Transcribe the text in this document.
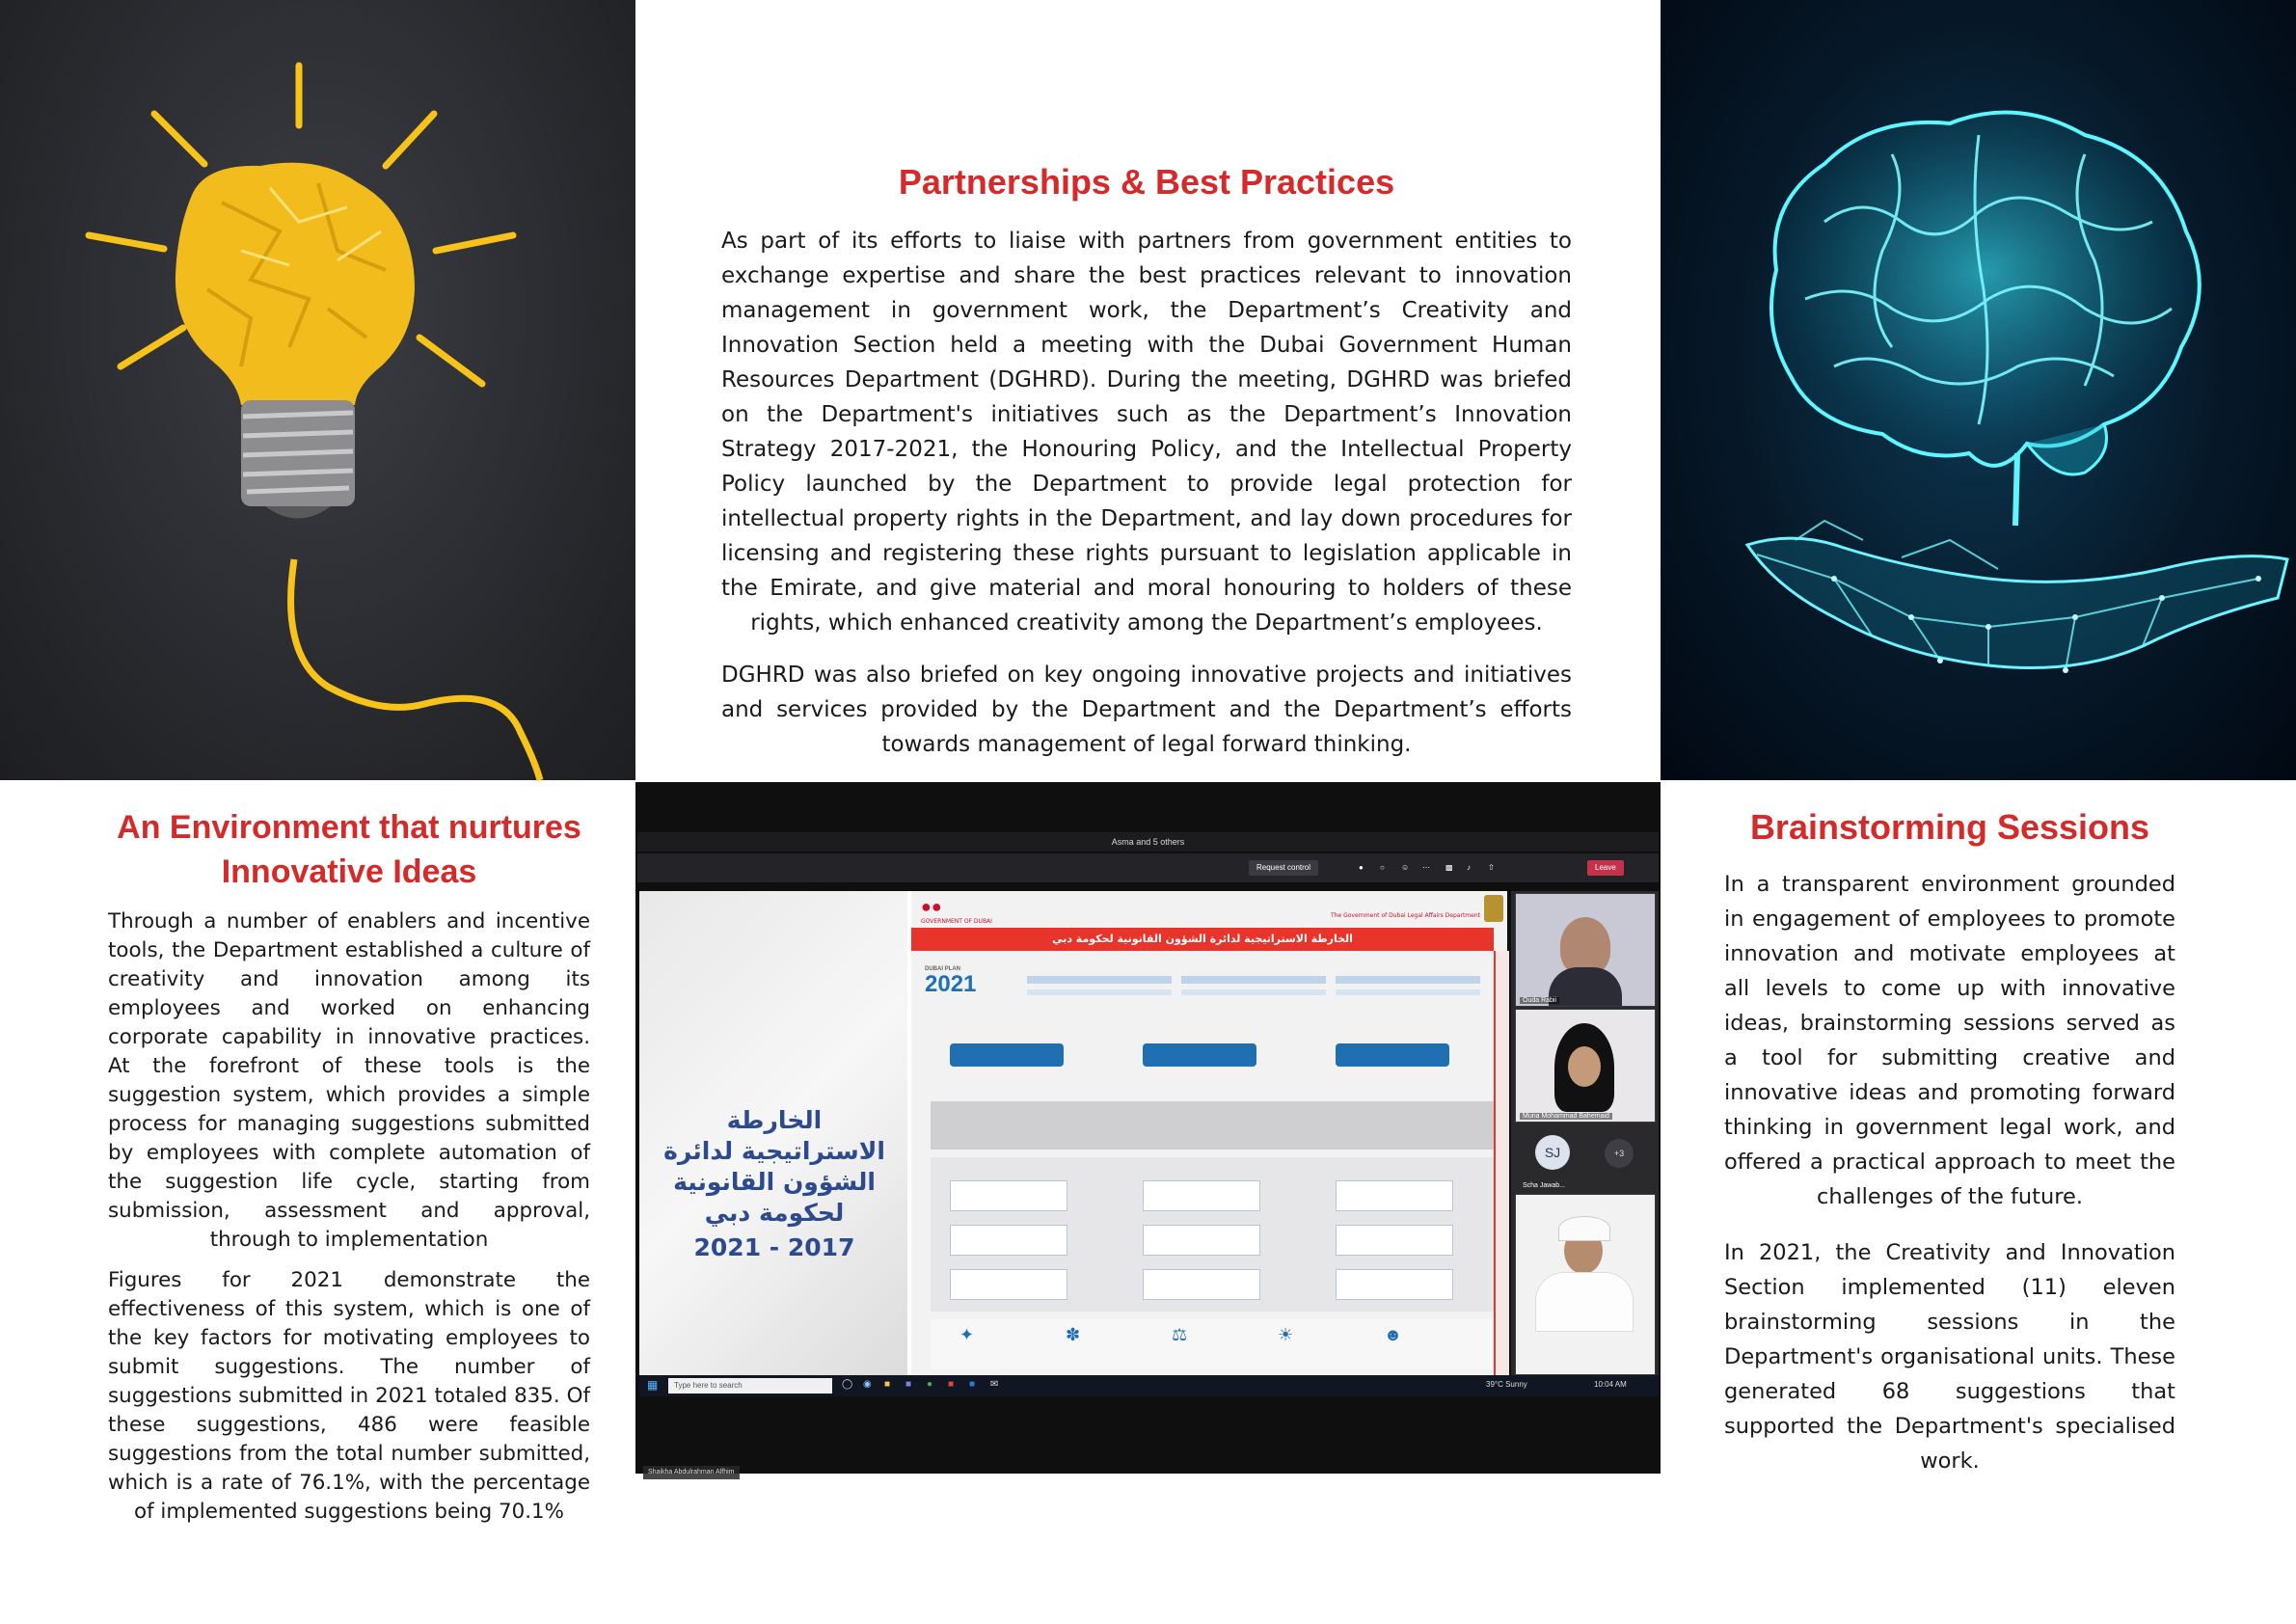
Partnerships & Best Practices

As part of its efforts to liaise with partners from government entities to exchange expertise and share the best practices relevant to innovation management in government work, the Department’s Creativity and Innovation Section held a meeting with the Dubai Government Human Resources Department (DGHRD). During the meeting, DGHRD was briefed on the Department's initiatives such as the Department’s Innovation Strategy 2017-2021, the Honouring Policy, and the Intellectual Property Policy launched by the Department to provide legal protection for intellectual property rights in the Department, and lay down procedures for licensing and registering these rights pursuant to legislation applicable in the Emirate, and give material and moral honouring to holders of these rights, which enhanced creativity among the Department’s employees.

DGHRD was also briefed on key ongoing innovative projects and initiatives and services provided by the Department and the Department’s efforts towards management of legal forward thinking.

An Environment that nurtures Innovative Ideas

Through a number of enablers and incentive tools, the Department established a culture of creativity and innovation among its employees and worked on enhancing corporate capability in innovative practices. At the forefront of these tools is the suggestion system, which provides a simple process for managing suggestions submitted by employees with complete automation of the suggestion life cycle, starting from submission, assessment and approval, through to implementation

Figures for 2021 demonstrate the effectiveness of this system, which is one of the key factors for motivating employees to submit suggestions. The number of suggestions submitted in 2021 totaled 835. Of these suggestions, 486 were feasible suggestions from the total number submitted, which is a rate of 76.1%, with the percentage of implemented suggestions being 70.1%

Asma and 5 others
Request control	●	○	☺	⋯	▩	♪	⇧	Leave
الخارطة الاستراتيجية لدائرة الشؤون القانونية لحكومة دبي
2021 - 2017
●●
GOVERNMENT OF DUBAI
The Government of Dubai Legal Affairs Department
الخارطة الاستراتيجية لدائرة الشؤون القانونية لحكومة دبي
DUBAI PLAN
2021
✦	✽	⚖	☀	☻
Shaikha Abdulrahman Alfhim
Ouda Rabii
Muna Mohammad Bahemaid
SJ	+3
Scha Jawab...
▦	Type here to search	◯ ◉ ■ ■ ● ■ ■ ✉	39°C Sunny	10:04 AM
Brainstorming Sessions

In a transparent environment grounded in engagement of employees to promote innovation and motivate employees at all levels to come up with innovative ideas, brainstorming sessions served as a tool for submitting creative and innovative ideas and promoting forward thinking in government legal work, and offered a practical approach to meet the challenges of the future.

In 2021, the Creativity and Innovation Section implemented (11) eleven brainstorming sessions in the Department's organisational units. These generated 68 suggestions that supported the Department's specialised work.
